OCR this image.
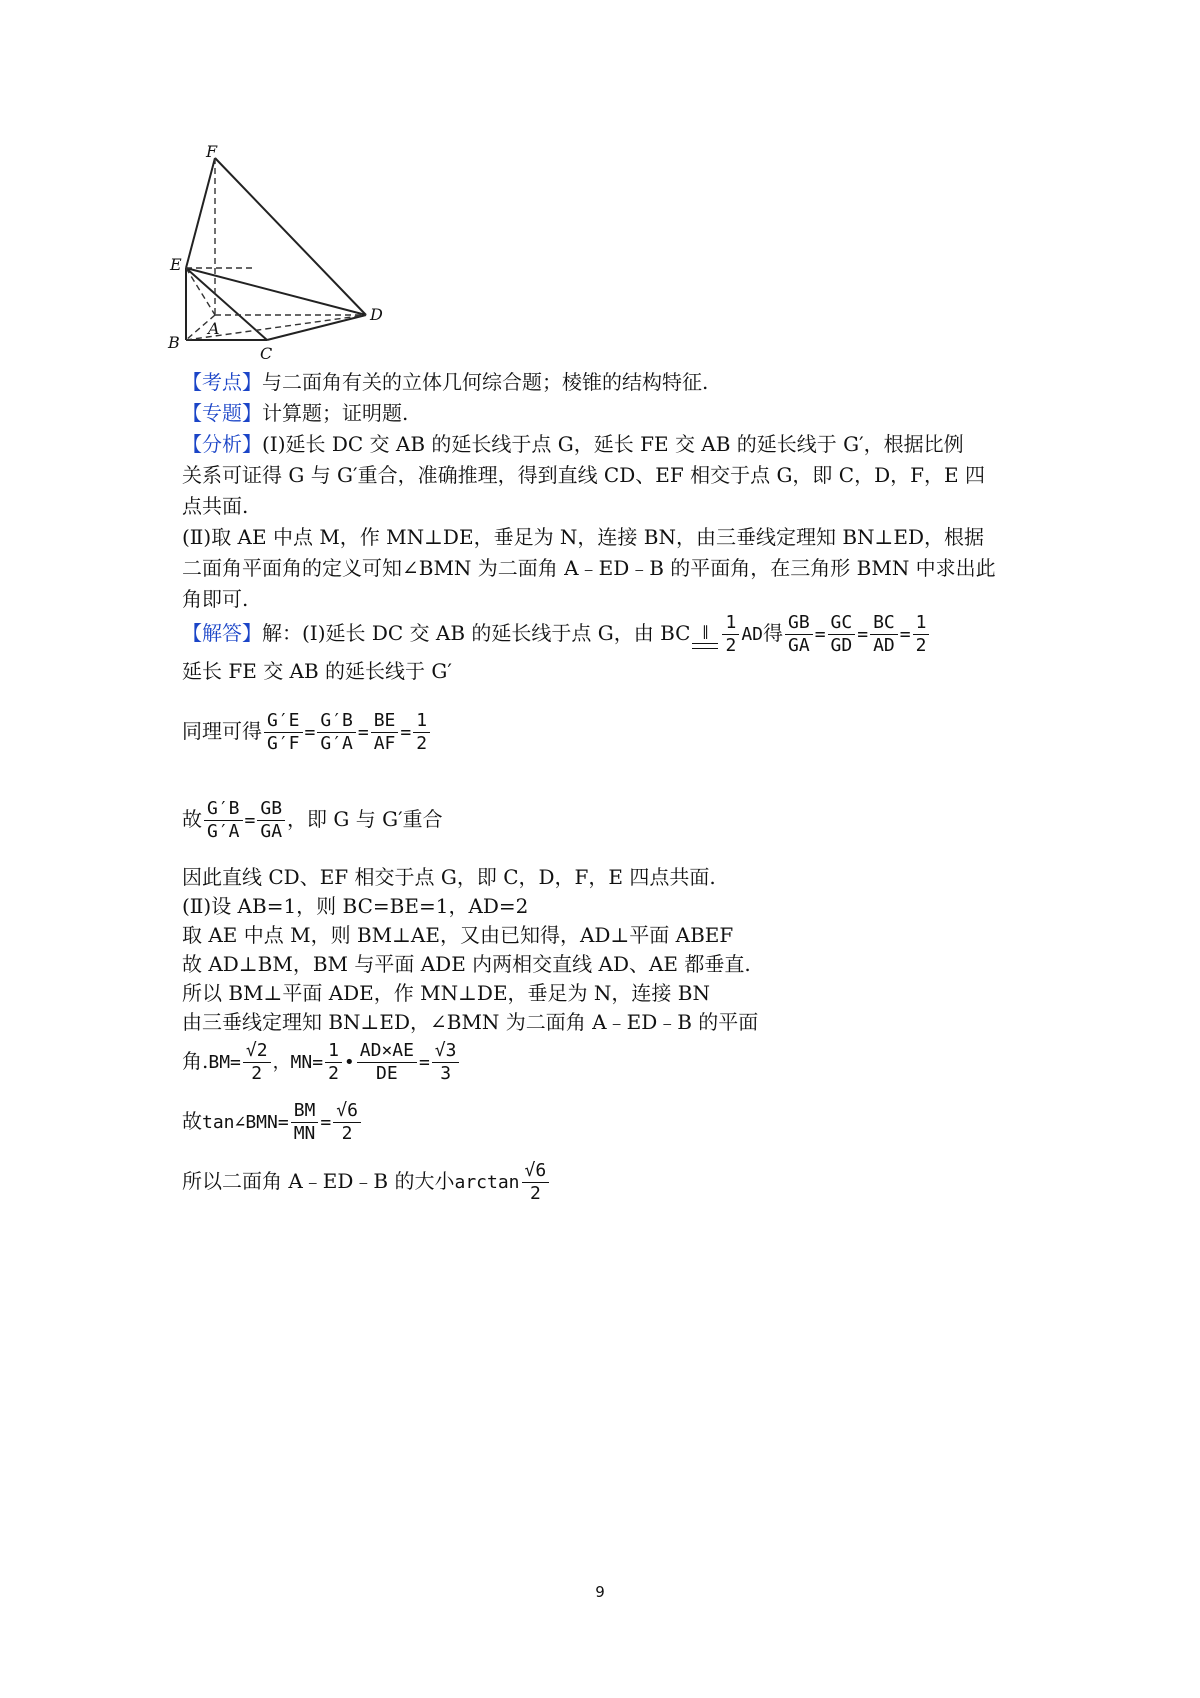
F
E
A
B
C
D
【考点】与二面角有关的立体几何综合题；棱锥的结构特征.
【专题】计算题；证明题.
【分析】(Ⅰ)延长 DC 交 AB 的延长线于点 G，延长 FE 交 AB 的延长线于 G′，根据比例
关系可证得 G 与 G′重合，准确推理，得到直线 CD、EF 相交于点 G，即 C，D，F，E 四
点共面.
(Ⅱ)取 AE 中点 M，作 MN⊥DE，垂足为 N，连接 BN，由三垂线定理知 BN⊥ED，根据
二面角平面角的定义可知∠BMN 为二面角 A﹣ED﹣B 的平面角，在三角形 BMN 中求出此
角即可.
【解答】解：(Ⅰ)延长 DC 交 AB 的延长线于点 G，由 BC ∥ $\frac{1}{2}$ AD得 $\frac{GB}{GA} = \frac{GC}{GD} = \frac{BC}{AD} = \frac{1}{2}$
延长 FE 交 AB 的延长线于 G′
同理可得 $\frac{G'E}{G'F} = \frac{G'B}{G'A} = \frac{BE}{AF} = \frac{1}{2}$
故 $\frac{G'B}{G'A} = \frac{GB}{GA}$ ，即 G 与 G′重合
因此直线 CD、EF 相交于点 G，即 C，D，F，E 四点共面.
(Ⅱ)设 AB=1，则 BC=BE=1，AD=2
取 AE 中点 M，则 BM⊥AE，又由已知得，AD⊥平面 ABEF
故 AD⊥BM，BM 与平面 ADE 内两相交直线 AD、AE 都垂直.
所以 BM⊥平面 ADE，作 MN⊥DE，垂足为 N，连接 BN
由三垂线定理知 BN⊥ED，∠BMN 为二面角 A﹣ED﹣B 的平面
角$.BM= \frac{√2}{2}$ ，$MN= \frac{1}{2}$ • $\frac{AD\times AE}{DE} = \frac{√3}{3}$
故tan∠BMN= $\frac{BM}{MN} = \frac{√6}{2}$
所以二面角 A﹣ED﹣B 的大小$\arctan \frac{√6}{2}$
9
